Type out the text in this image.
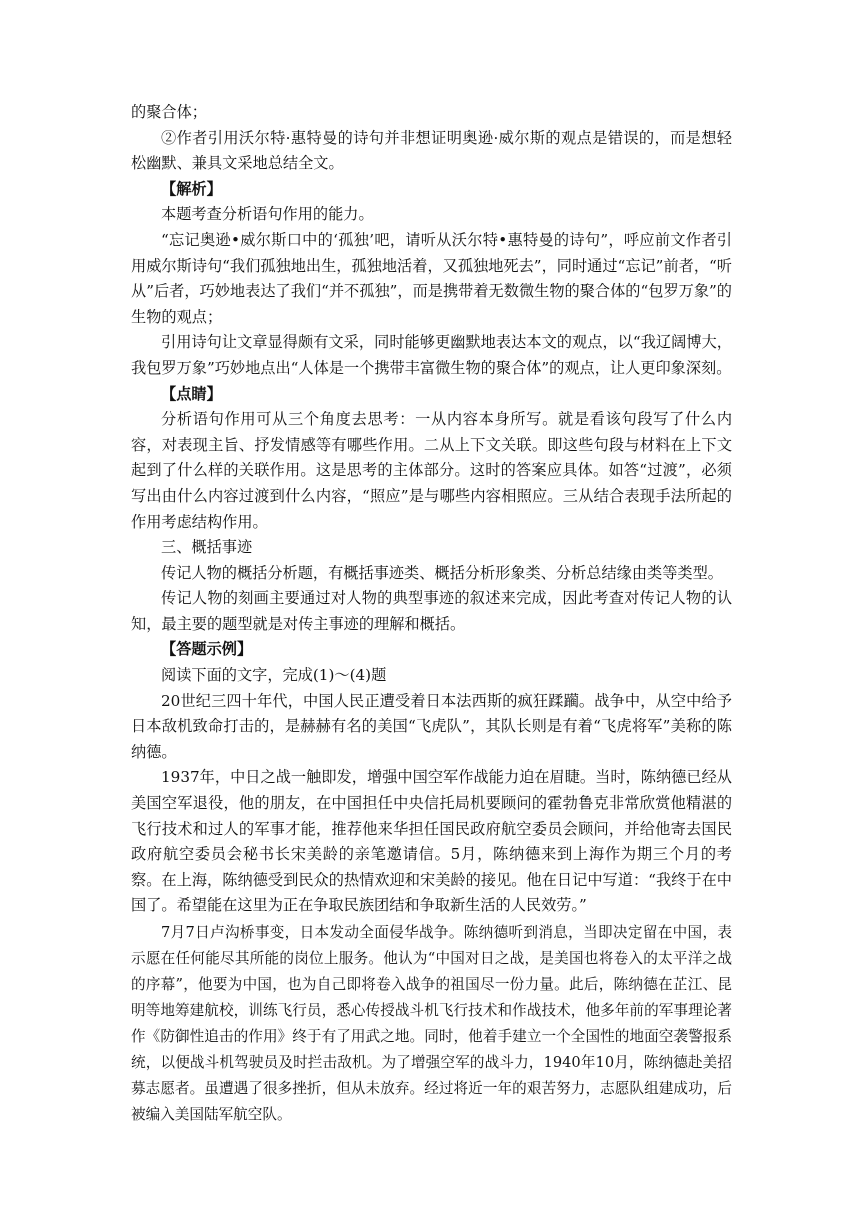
的聚合体；

②作者引用沃尔特·惠特曼的诗句并非想证明奥逊·威尔斯的观点是错误的，而是想轻松幽默、兼具文采地总结全文。

【解析】

本题考查分析语句作用的能力。

“忘记奥逊•威尔斯口中的‘孤独’吧，请听从沃尔特•惠特曼的诗句”，呼应前文作者引用威尔斯诗句“我们孤独地出生，孤独地活着，又孤独地死去”，同时通过“忘记”前者，“听从”后者，巧妙地表达了我们“并不孤独”，而是携带着无数微生物的聚合体的“包罗万象”的生物的观点；

引用诗句让文章显得颇有文采，同时能够更幽默地表达本文的观点，以“我辽阔博大，我包罗万象”巧妙地点出“人体是一个携带丰富微生物的聚合体”的观点，让人更印象深刻。

【点睛】

分析语句作用可从三个角度去思考：一从内容本身所写。就是看该句段写了什么内容，对表现主旨、抒发情感等有哪些作用。二从上下文关联。即这些句段与材料在上下文起到了什么样的关联作用。这是思考的主体部分。这时的答案应具体。如答“过渡”，必须写出由什么内容过渡到什么内容，“照应”是与哪些内容相照应。三从结合表现手法所起的作用考虑结构作用。

三、概括事迹

传记人物的概括分析题，有概括事迹类、概括分析形象类、分析总结缘由类等类型。

传记人物的刻画主要通过对人物的典型事迹的叙述来完成，因此考查对传记人物的认知，最主要的题型就是对传主事迹的理解和概括。

【答题示例】

阅读下面的文字，完成(1)～(4)题

20世纪三四十年代，中国人民正遭受着日本法西斯的疯狂蹂躏。战争中，从空中给予日本敌机致命打击的，是赫赫有名的美国“飞虎队”，其队长则是有着“飞虎将军”美称的陈纳德。

1937年，中日之战一触即发，增强中国空军作战能力迫在眉睫。当时，陈纳德已经从美国空军退役，他的朋友，在中国担任中央信托局机要顾问的霍勃鲁克非常欣赏他精湛的飞行技术和过人的军事才能，推荐他来华担任国民政府航空委员会顾问，并给他寄去国民政府航空委员会秘书长宋美龄的亲笔邀请信。5月，陈纳德来到上海作为期三个月的考察。在上海，陈纳德受到民众的热情欢迎和宋美龄的接见。他在日记中写道：“我终于在中国了。希望能在这里为正在争取民族团结和争取新生活的人民效劳。”

7月7日卢沟桥事变，日本发动全面侵华战争。陈纳德听到消息，当即决定留在中国，表示愿在任何能尽其所能的岗位上服务。他认为“中国对日之战，是美国也将卷入的太平洋之战的序幕”，他要为中国，也为自己即将卷入战争的祖国尽一份力量。此后，陈纳德在芷江、昆明等地筹建航校，训练飞行员，悉心传授战斗机飞行技术和作战技术，他多年前的军事理论著作《防御性追击的作用》终于有了用武之地。同时，他着手建立一个全国性的地面空袭警报系统，以便战斗机驾驶员及时拦击敌机。为了增强空军的战斗力，1940年10月，陈纳德赴美招募志愿者。虽遭遇了很多挫折，但从未放弃。经过将近一年的艰苦努力，志愿队组建成功，后被编入美国陆军航空队。
